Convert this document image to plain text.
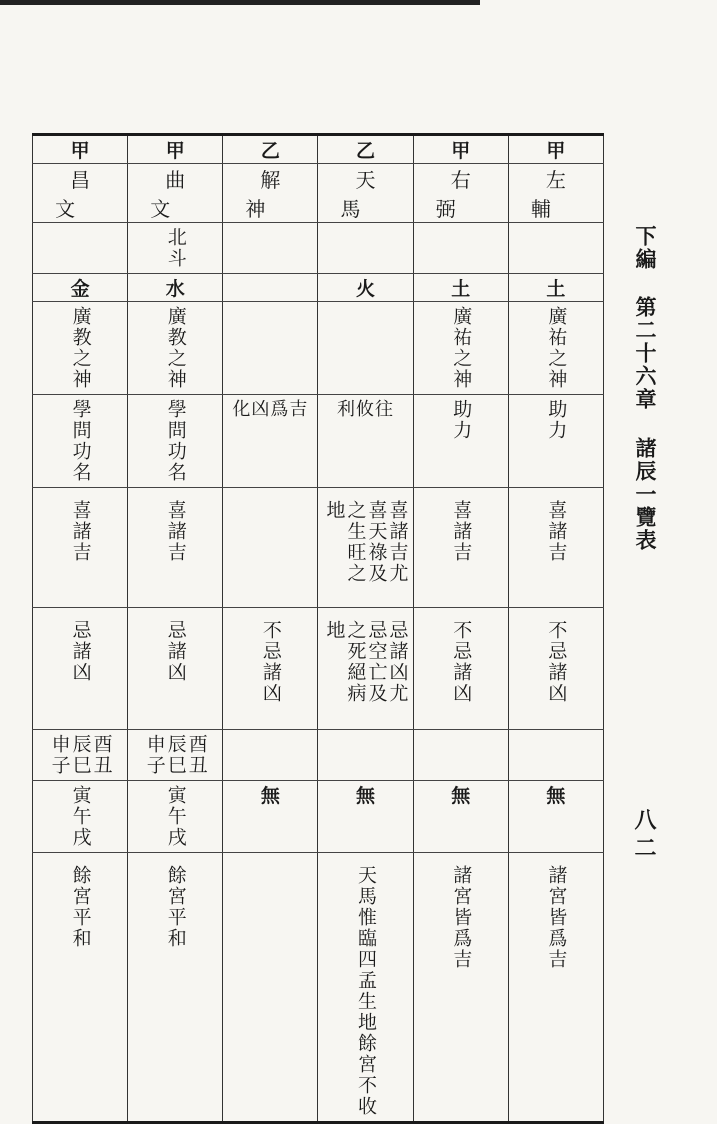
下編 第二十六章 諸辰一覽表
八二
甲	甲	乙	乙	甲	甲
昌文	曲文	解神	天馬	右弼	左輔
	北斗				
金	水		火	土	土
廣教之神	廣教之神			廣祐之神	廣祐之神
學問功名	學問功名	化凶爲吉	利攸往	助力	助力
喜諸吉	喜諸吉		喜諸吉尤喜天祿及之生旺之地	喜諸吉	喜諸吉
忌諸凶	忌諸凶	不忌諸凶	忌諸凶尤忌空亡及之死絕病地	不忌諸凶	不忌諸凶
申子辰巳酉丑	申子辰巳酉丑				
寅午戌	寅午戌	無	無	無	無
餘宮平和	餘宮平和		天馬惟臨四孟生地餘宮不收	諸宮皆爲吉	諸宮皆爲吉
